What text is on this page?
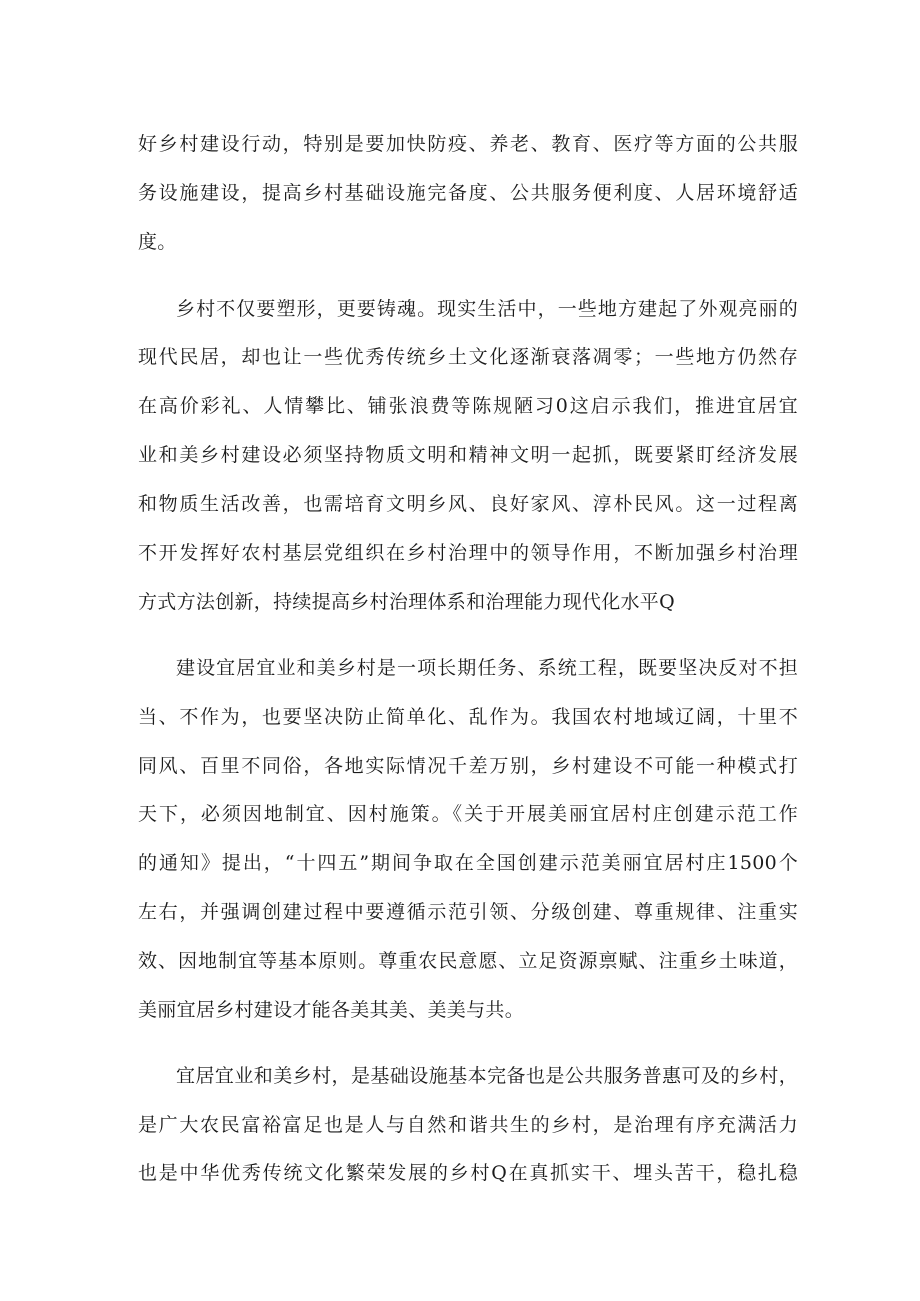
好乡村建设行动，特别是要加快防疫、养老、教育、医疗等方面的公共服
务设施建设，提高乡村基础设施完备度、公共服务便利度、人居环境舒适
度。
乡村不仅要塑形，更要铸魂。现实生活中，一些地方建起了外观亮丽的
现代民居，却也让一些优秀传统乡土文化逐渐衰落凋零；一些地方仍然存
在高价彩礼、人情攀比、铺张浪费等陈规陋习0这启示我们，推进宜居宜
业和美乡村建设必须坚持物质文明和精神文明一起抓，既要紧盯经济发展
和物质生活改善，也需培育文明乡风、良好家风、淳朴民风。这一过程离
不开发挥好农村基层党组织在乡村治理中的领导作用，不断加强乡村治理
方式方法创新，持续提高乡村治理体系和治理能力现代化水平Q
建设宜居宜业和美乡村是一项长期任务、系统工程，既要坚决反对不担
当、不作为，也要坚决防止简单化、乱作为。我国农村地域辽阔，十里不
同风、百里不同俗，各地实际情况千差万别，乡村建设不可能一种模式打
天下，必须因地制宜、因村施策。《关于开展美丽宜居村庄创建示范工作
的通知》提出，“十四五”期间争取在全国创建示范美丽宜居村庄1500个
左右，并强调创建过程中要遵循示范引领、分级创建、尊重规律、注重实
效、因地制宜等基本原则。尊重农民意愿、立足资源禀赋、注重乡土味道，
美丽宜居乡村建设才能各美其美、美美与共。
宜居宜业和美乡村，是基础设施基本完备也是公共服务普惠可及的乡村，
是广大农民富裕富足也是人与自然和谐共生的乡村，是治理有序充满活力
也是中华优秀传统文化繁荣发展的乡村Q在真抓实干、埋头苦干，稳扎稳
